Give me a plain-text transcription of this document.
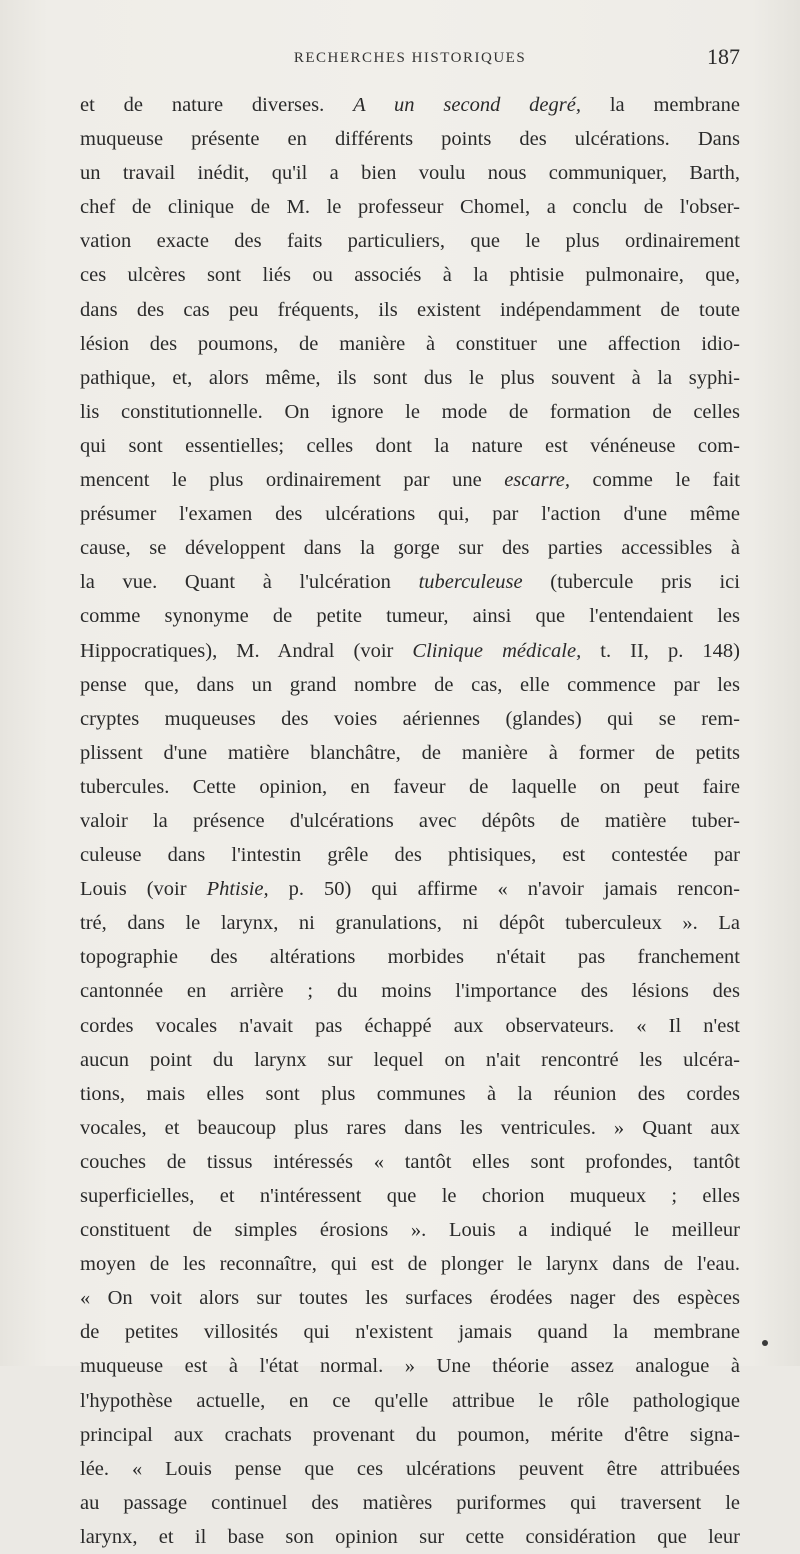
RECHERCHES HISTORIQUES	187
et de nature diverses. A un second degré, la membrane
muqueuse présente en différents points des ulcérations. Dans
un travail inédit, qu'il a bien voulu nous communiquer, Barth,
chef de clinique de M. le professeur Chomel, a conclu de l'obser-
vation exacte des faits particuliers, que le plus ordinairement
ces ulcères sont liés ou associés à la phtisie pulmonaire, que,
dans des cas peu fréquents, ils existent indépendamment de toute
lésion des poumons, de manière à constituer une affection idio-
pathique, et, alors même, ils sont dus le plus souvent à la syphi-
lis constitutionnelle. On ignore le mode de formation de celles
qui sont essentielles; celles dont la nature est vénéneuse com-
mencent le plus ordinairement par une escarre, comme le fait
présumer l'examen des ulcérations qui, par l'action d'une même
cause, se développent dans la gorge sur des parties accessibles à
la vue. Quant à l'ulcération tuberculeuse (tubercule pris ici
comme synonyme de petite tumeur, ainsi que l'entendaient les
Hippocratiques), M. Andral (voir Clinique médicale, t. II, p. 148)
pense que, dans un grand nombre de cas, elle commence par les
cryptes muqueuses des voies aériennes (glandes) qui se rem-
plissent d'une matière blanchâtre, de manière à former de petits
tubercules. Cette opinion, en faveur de laquelle on peut faire
valoir la présence d'ulcérations avec dépôts de matière tuber-
culeuse dans l'intestin grêle des phtisiques, est contestée par
Louis (voir Phtisie, p. 50) qui affirme « n'avoir jamais rencon-
tré, dans le larynx, ni granulations, ni dépôt tuberculeux ». La
topographie des altérations morbides n'était pas franchement
cantonnée en arrière ; du moins l'importance des lésions des
cordes vocales n'avait pas échappé aux observateurs. « Il n'est
aucun point du larynx sur lequel on n'ait rencontré les ulcéra-
tions, mais elles sont plus communes à la réunion des cordes
vocales, et beaucoup plus rares dans les ventricules. » Quant aux
couches de tissus intéressés « tantôt elles sont profondes, tantôt
superficielles, et n'intéressent que le chorion muqueux ; elles
constituent de simples érosions ». Louis a indiqué le meilleur
moyen de les reconnaître, qui est de plonger le larynx dans de l'eau.
« On voit alors sur toutes les surfaces érodées nager des espèces
de petites villosités qui n'existent jamais quand la membrane
muqueuse est à l'état normal. » Une théorie assez analogue à
l'hypothèse actuelle, en ce qu'elle attribue le rôle pathologique
principal aux crachats provenant du poumon, mérite d'être signa-
lée. « Louis pense que ces ulcérations peuvent être attribuées
au passage continuel des matières puriformes qui traversent le
larynx, et il base son opinion sur cette considération que leur
